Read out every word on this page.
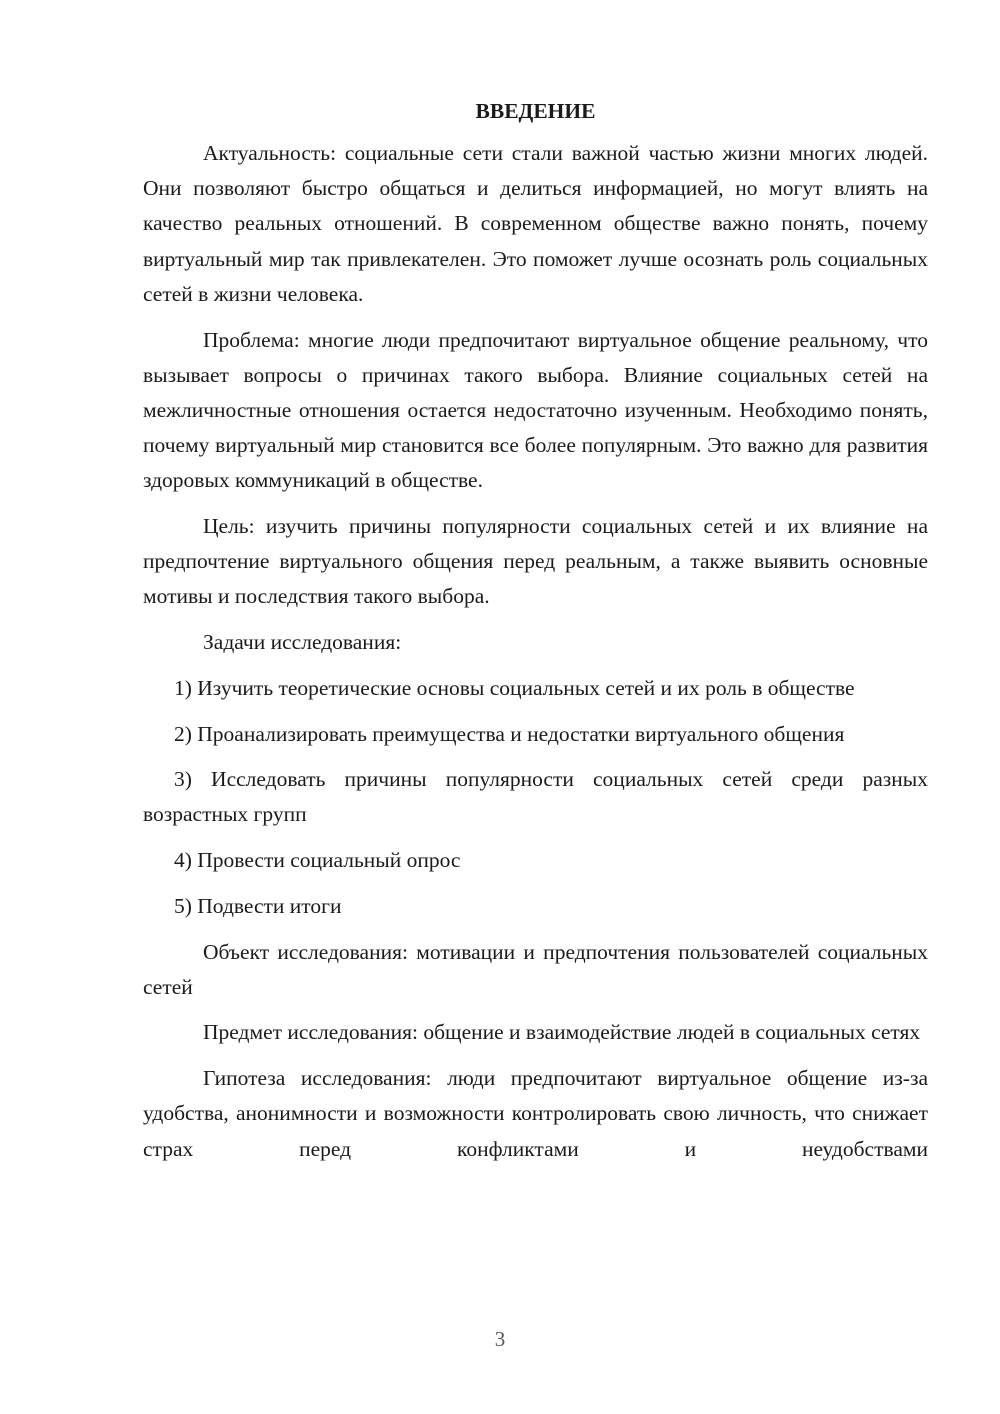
ВВЕДЕНИЕ

Актуальность: социальные сети стали важной частью жизни многих людей. Они позволяют быстро общаться и делиться информацией, но могут влиять на качество реальных отношений. В современном обществе важно понять, почему виртуальный мир так привлекателен. Это поможет лучше осознать роль социальных сетей в жизни человека.

Проблема: многие люди предпочитают виртуальное общение реальному, что вызывает вопросы о причинах такого выбора. Влияние социальных сетей на межличностные отношения остается недостаточно изученным. Необходимо понять, почему виртуальный мир становится все более популярным. Это важно для развития здоровых коммуникаций в обществе.

Цель: изучить причины популярности социальных сетей и их влияние на предпочтение виртуального общения перед реальным, а также выявить основные мотивы и последствия такого выбора.

Задачи исследования:

1) Изучить теоретические основы социальных сетей и их роль в обществе

2) Проанализировать преимущества и недостатки виртуального общения

3) Исследовать причины популярности социальных сетей среди разных возрастных групп

4) Провести социальный опрос

5) Подвести итоги

Объект исследования: мотивации и предпочтения пользователей социальных сетей

Предмет исследования: общение и взаимодействие людей в социальных сетях

Гипотеза исследования: люди предпочитают виртуальное общение из-за удобства, анонимности и возможности контролировать свою личность, что снижает страх перед конфликтами и неудобствами

3
